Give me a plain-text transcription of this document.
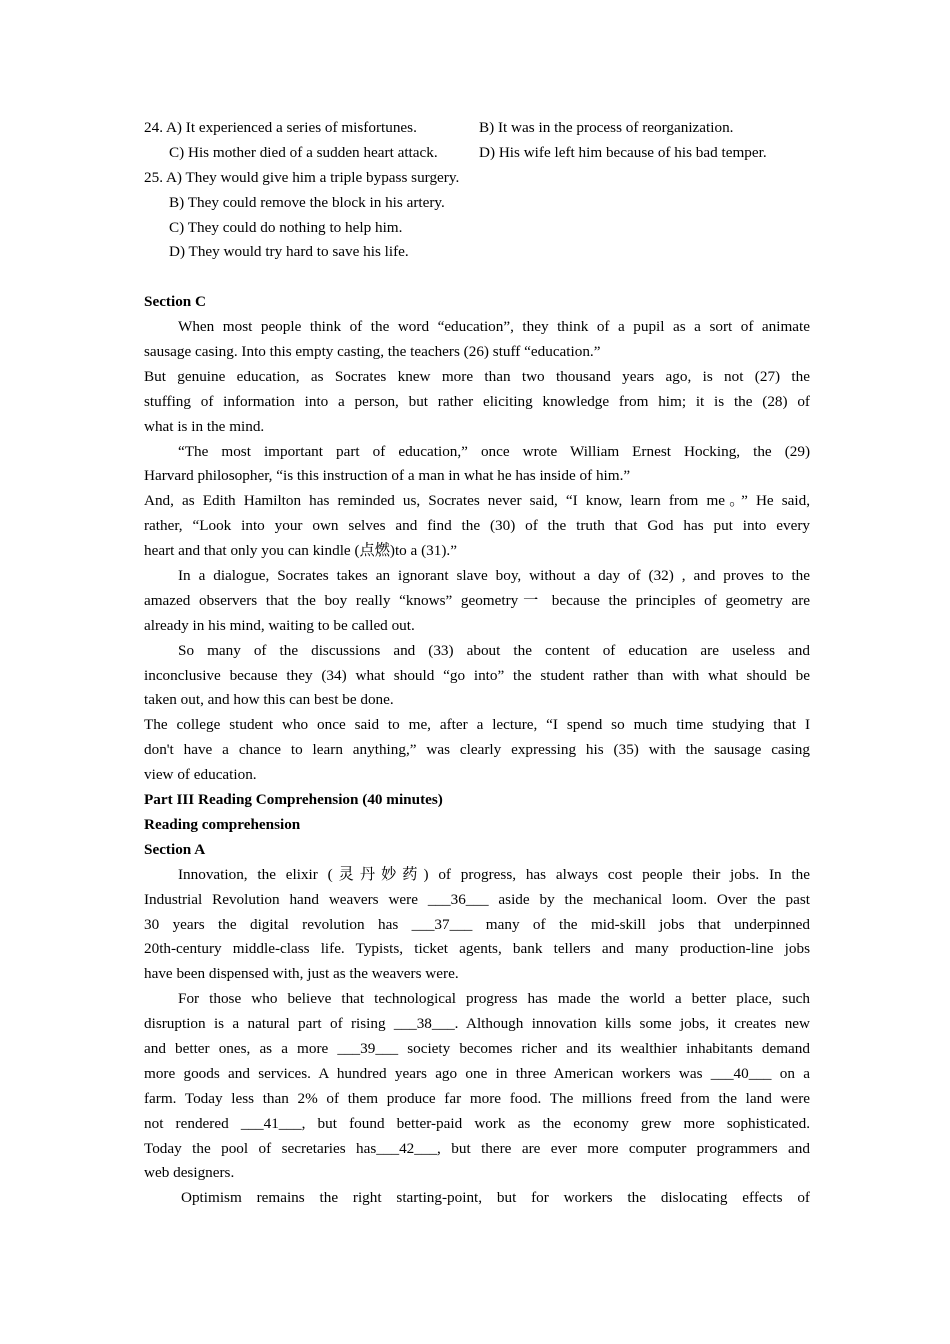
24. A) It experienced a series of misfortunes.	B) It was in the process of reorganization.
C) His mother died of a sudden heart attack.	D) His wife left him because of his bad temper.
25. A) They would give him a triple bypass surgery.
B) They could remove the block in his artery.
C) They could do nothing to help him.
D) They would try hard to save his life.
Section C
When most people think of the word “education”, they think of a pupil as a sort of animate
sausage casing. Into this empty casting, the teachers (26) stuff “education.”
But genuine education, as Socrates knew more than two thousand years ago, is not (27) the
stuffing of information into a person, but rather eliciting knowledge from him; it is the (28) of
what is in the mind.
“The most important part of education,” once wrote William Ernest Hocking, the (29)
Harvard philosopher, “is this instruction of a man in what he has inside of him.”
And, as Edith Hamilton has reminded us, Socrates never said, “I know, learn from me。” He said,
rather, “Look into your own selves and find the (30) of the truth that God has put into every
heart and that only you can kindle (点燃)to a (31).”
In a dialogue, Socrates takes an ignorant slave boy, without a day of (32) , and proves to the
amazed observers that the boy really “knows” geometry一 because the principles of geometry are
already in his mind, waiting to be called out.
So many of the discussions and (33) about the content of education are useless and
inconclusive because they (34) what should “go into” the student rather than with what should be
taken out, and how this can best be done.
The college student who once said to me, after a lecture, “I spend so much time studying that I
don't have a chance to learn anything,” was clearly expressing his (35) with the sausage casing
view of education.
Part III Reading Comprehension (40 minutes)
Reading comprehension
Section A
Innovation, the elixir (灵丹妙药) of progress, has always cost people their jobs. In the
Industrial Revolution hand weavers were ___36___ aside by the mechanical loom. Over the past
30 years the digital revolution has ___37___ many of the mid-skill jobs that underpinned
20th-century middle-class life. Typists, ticket agents, bank tellers and many production-line jobs
have been dispensed with, just as the weavers were.
For those who believe that technological progress has made the world a better place, such
disruption is a natural part of rising ___38___. Although innovation kills some jobs, it creates new
and better ones, as a more ___39___ society becomes richer and its wealthier inhabitants demand
more goods and services. A hundred years ago one in three American workers was ___40___ on a
farm. Today less than 2% of them produce far more food. The millions freed from the land were
not rendered ___41___, but found better-paid work as the economy grew more sophisticated.
Today the pool of secretaries has___42___, but there are ever more computer programmers and
web designers.
Optimism remains the right starting-point, but for workers the dislocating effects of
